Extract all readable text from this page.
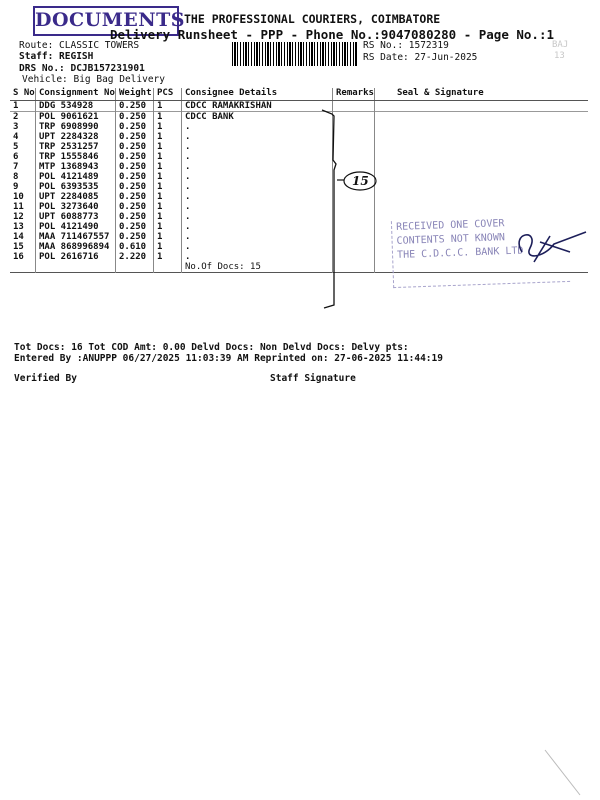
DOCUMENTS THE PROFESSIONAL COURIERS, COIMBATORE
Delivery Runsheet - PPP - Phone No.:9047080280 - Page No.:1
Route: CLASSIC TOWERS
Staff: REGISH
DRS No.: DCJB157231901
Vehicle: Big Bag Delivery
RS No.: 1572319
RS Date: 27-Jun-2025
BAJ
13
S No	Consignment No	Weight	PCS	Consignee Details	Remarks	Seal & Signature
1	DDG 534928	0.250	1	CDCC RAMAKRISHAN		
2	POL 9061621	0.250	1	CDCC BANK		
3	TRP 6908990	0.250	1	.		
4	UPT 2284328	0.250	1	.		
5	TRP 2531257	0.250	1	.		
6	TRP 1555846	0.250	1	.		
7	MTP 1368943	0.250	1	.		
8	POL 4121489	0.250	1	.		
9	POL 6393535	0.250	1	.		
10	UPT 2284085	0.250	1	.		
11	POL 3273640	0.250	1	.		
12	UPT 6088773	0.250	1	.		
13	POL 4121490	0.250	1	.		
14	MAA 711467557	0.250	1	.		
15	MAA 868996894	0.610	1	.		
16	POL 2616716	2.220	1	.		
				No.Of Docs: 15		
15
RECEIVED ONE COVER
CONTENTS NOT KNOWN
THE C.D.C.C. BANK LTD
Tot Docs: 16 Tot COD Amt: 0.00 Delvd Docs: Non Delvd Docs: Delvy pts:
Entered By :ANUPPP 06/27/2025 11:03:39 AM Reprinted on: 27-06-2025 11:44:19
Verified By	Staff Signature
